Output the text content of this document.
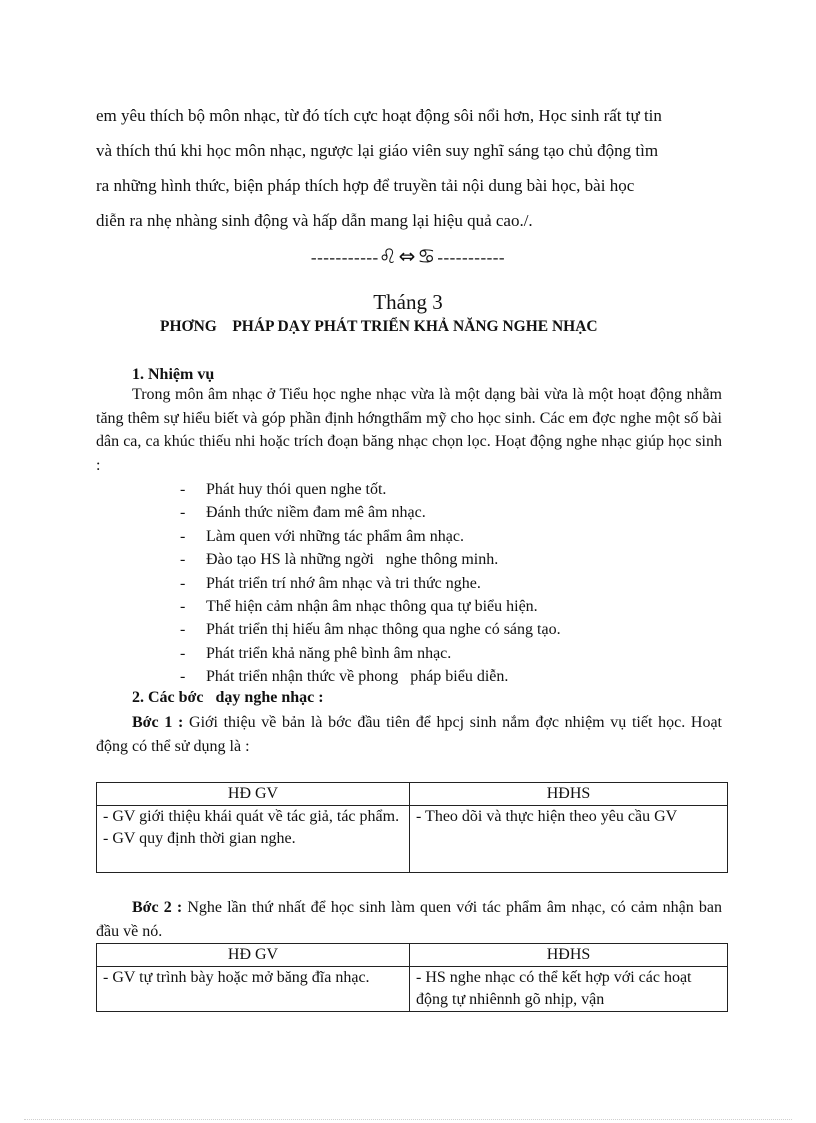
em yêu thích bộ môn nhạc, từ đó tích cực hoạt động sôi nổi hơn, Học sinh rất tự tin
và thích thú khi học môn nhạc, ngược lại giáo viên suy nghĩ sáng tạo chủ động tìm
ra những hình thức, biện pháp thích hợp để truyền tải nội dung bài học, bài học
diễn ra nhẹ nhàng sinh động và hấp dẫn mang lại hiệu quả cao./.
-----------♌⇔♋-----------
Tháng 3
PHƠNG    PHÁP DẠY PHÁT TRIỂN KHẢ NĂNG NGHE NHẠC
1. Nhiệm vụ

Trong môn âm nhạc ở Tiểu học nghe nhạc vừa là một dạng bài vừa là một hoạt động nhằm tăng thêm sự hiểu biết và góp phần định hớngthẩm mỹ cho học sinh. Các em đợc nghe một số bài dân ca, ca khúc thiếu nhi hoặc trích đoạn băng nhạc chọn lọc. Hoạt động nghe nhạc giúp học sinh :

- Phát huy thói quen nghe tốt.
- Đánh thức niềm đam mê âm nhạc.
- Làm quen với những tác phẩm âm nhạc.
- Đào tạo HS là những ngời   nghe thông minh.
- Phát triển trí nhớ âm nhạc và tri thức nghe.
- Thể hiện cảm nhận âm nhạc thông qua tự biểu hiện.
- Phát triển thị hiếu âm nhạc thông qua nghe có sáng tạo.
- Phát triển khả năng phê bình âm nhạc.
- Phát triển nhận thức về phong   pháp biểu diễn.
2. Các bớc   dạy nghe nhạc :

Bớc 1 : Giới thiệu về bản là bớc đầu tiên để hpcj sinh nắm đợc nhiệm vụ tiết học. Hoạt động có thể sử dụng là :

HĐ GV	HĐHS

- GV giới thiệu khái quát về tác giả, tác phẩm.
- GV quy định thời gian nghe.	- Theo dõi và thực hiện theo yêu cầu GV

Bớc 2 : Nghe lần thứ nhất để học sinh làm quen với tác phẩm âm nhạc, có cảm nhận ban đầu về nó.

HĐ GV	HĐHS

- GV tự trình bày hoặc mở băng đĩa nhạc.	- HS nghe nhạc có thể kết hợp với các hoạt động tự nhiênnh gõ nhịp, vận
